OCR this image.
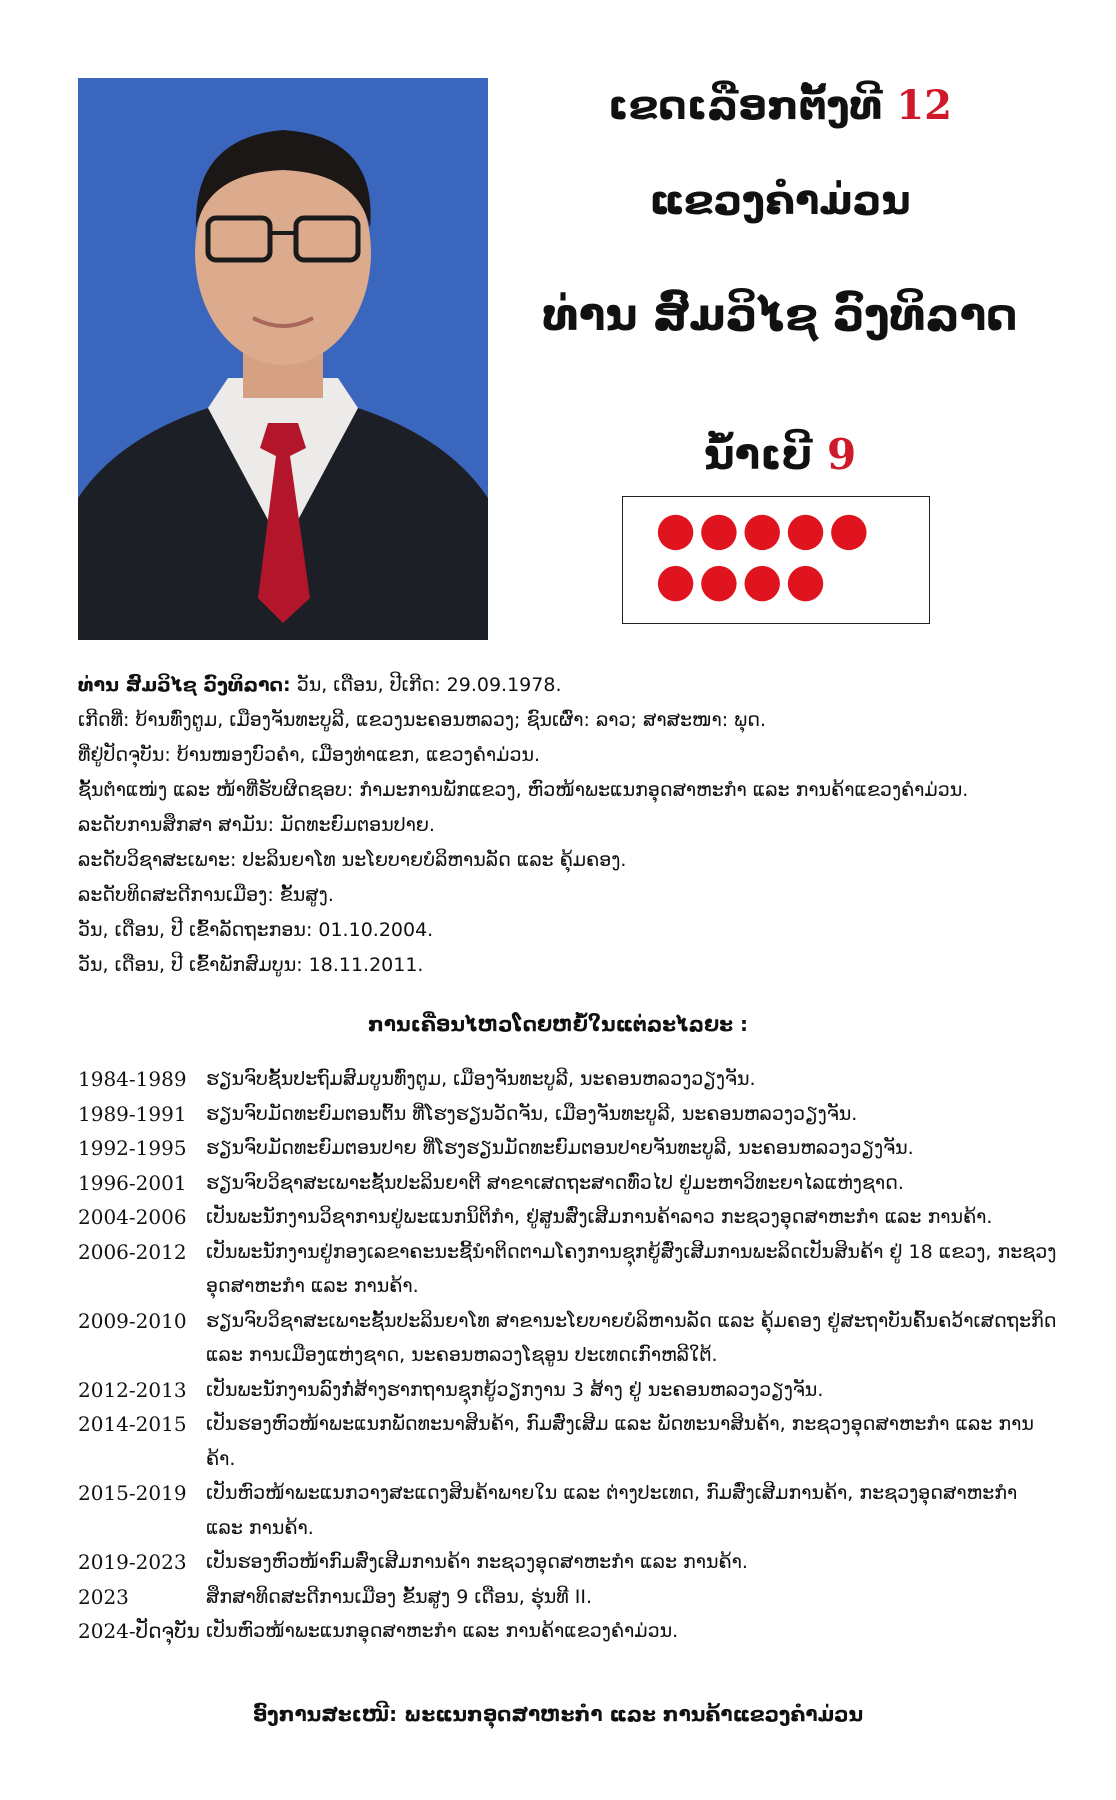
ເຂດເລືອກຕັ້ງທີ 12
ແຂວງຄໍາມ່ວນ
ທ່ານ ສົມວິໄຊ ວົງທິລາດ
ນໍ້າເບີ 9
ທ່ານ ສົມວິໄຊ ວົງທິລາດ: ວັນ, ເດືອນ, ປີເກີດ: 29.09.1978.
ເກີດທີ່: ບ້ານທົ່ງຕູມ, ເມືອງຈັນທະບູລີ, ແຂວງນະຄອນຫລວງ; ຊົນເຜົ່າ: ລາວ; ສາສະໜາ: ພຸດ.
ທີ່ຢູ່ປັດຈຸບັນ: ບ້ານໜອງບົວຄໍາ, ເມືອງທ່າແຂກ, ແຂວງຄໍາມ່ວນ.
ຊັ້ນຕໍາແໜ່ງ ແລະ ໜ້າທີ່ຮັບຜິດຊອບ: ກໍາມະການພັກແຂວງ, ຫົວໜ້າພະແນກອຸດສາຫະກໍາ ແລະ ການຄ້າແຂວງຄໍາມ່ວນ.
ລະດັບການສຶກສາ ສາມັນ: ມັດທະຍົມຕອນປາຍ.
ລະດັບວິຊາສະເພາະ: ປະລິນຍາໂທ ນະໂຍບາຍບໍລິຫານລັດ ແລະ ຄຸ້ມຄອງ.
ລະດັບທິດສະດີການເມືອງ: ຂັ້ນສູງ.
ວັນ, ເດືອນ, ປີ ເຂົ້າລັດຖະກອນ: 01.10.2004.
ວັນ, ເດືອນ, ປີ ເຂົ້າພັກສົມບູນ: 18.11.2011.
ການເຄື່ອນໄຫວໂດຍຫຍໍ້ໃນແຕ່ລະໄລຍະ :
1984-1989	ຮຽນຈົບຊັ້ນປະຖົມສົມບູນທົ່ງຕູມ, ເມືອງຈັນທະບູລີ, ນະຄອນຫລວງວຽງຈັນ.
1989-1991	ຮຽນຈົບມັດທະຍົມຕອນຕົ້ນ ທີ່ໂຮງຮຽນວັດຈັນ, ເມືອງຈັນທະບູລີ, ນະຄອນຫລວງວຽງຈັນ.
1992-1995	ຮຽນຈົບມັດທະຍົມຕອນປາຍ ທີ່ໂຮງຮຽນມັດທະຍົມຕອນປາຍຈັນທະບູລີ, ນະຄອນຫລວງວຽງຈັນ.
1996-2001	ຮຽນຈົບວິຊາສະເພາະຊັ້ນປະລິນຍາຕີ ສາຂາເສດຖະສາດທົ່ວໄປ ຢູ່ມະຫາວິທະຍາໄລແຫ່ງຊາດ.
2004-2006	ເປັນພະນັກງານວິຊາການຢູ່ພະແນກນິຕິກໍາ, ຢູ່ສູນສົ່ງເສີມການຄ້າລາວ ກະຊວງອຸດສາຫະກໍາ ແລະ ການຄ້າ.
2006-2012	ເປັນພະນັກງານຢູ່ກອງເລຂາຄະນະຊີ້ນໍາຕິດຕາມໂຄງການຊຸກຍູ້ສົ່ງເສີມການພະລິດເປັນສິນຄ້າ ຢູ່ 18 ແຂວງ, ກະຊວງອຸດສາຫະກໍາ ແລະ ການຄ້າ.
2009-2010	ຮຽນຈົບວິຊາສະເພາະຊັ້ນປະລິນຍາໂທ ສາຂານະໂຍບາຍບໍລິຫານລັດ ແລະ ຄຸ້ມຄອງ ຢູ່ສະຖາບັນຄົ້ນຄວ້າເສດຖະກິດ ແລະ ການເມືອງແຫ່ງຊາດ, ນະຄອນຫລວງໂຊອູນ ປະເທດເກົາຫລີໃຕ້.
2012-2013	ເປັນພະນັກງານລົງກໍ່ສ້າງຮາກຖານຊຸກຍູ້ວຽກງານ 3 ສ້າງ ຢູ່ ນະຄອນຫລວງວຽງຈັນ.
2014-2015	ເປັນຮອງຫົວໜ້າພະແນກພັດທະນາສິນຄ້າ, ກົມສົ່ງເສີມ ແລະ ພັດທະນາສິນຄ້າ, ກະຊວງອຸດສາຫະກໍາ ແລະ ການຄ້າ.
2015-2019	ເປັນຫົວໜ້າພະແນກວາງສະແດງສິນຄ້າພາຍໃນ ແລະ ຕ່າງປະເທດ, ກົມສົ່ງເສີມການຄ້າ, ກະຊວງອຸດສາຫະກໍາ ແລະ ການຄ້າ.
2019-2023	ເປັນຮອງຫົວໜ້າກົມສົ່ງເສີມການຄ້າ ກະຊວງອຸດສາຫະກໍາ ແລະ ການຄ້າ.
2023	ສຶກສາທິດສະດີການເມືອງ ຂັ້ນສູງ 9 ເດືອນ, ຮຸ່ນທີ II.
2024-ປັດຈຸບັນ ເປັນຫົວໜ້າພະແນກອຸດສາຫະກໍາ ແລະ ການຄ້າແຂວງຄໍາມ່ວນ.
ອົງການສະເໜີ: ພະແນກອຸດສາຫະກໍາ ແລະ ການຄ້າແຂວງຄໍາມ່ວນ
